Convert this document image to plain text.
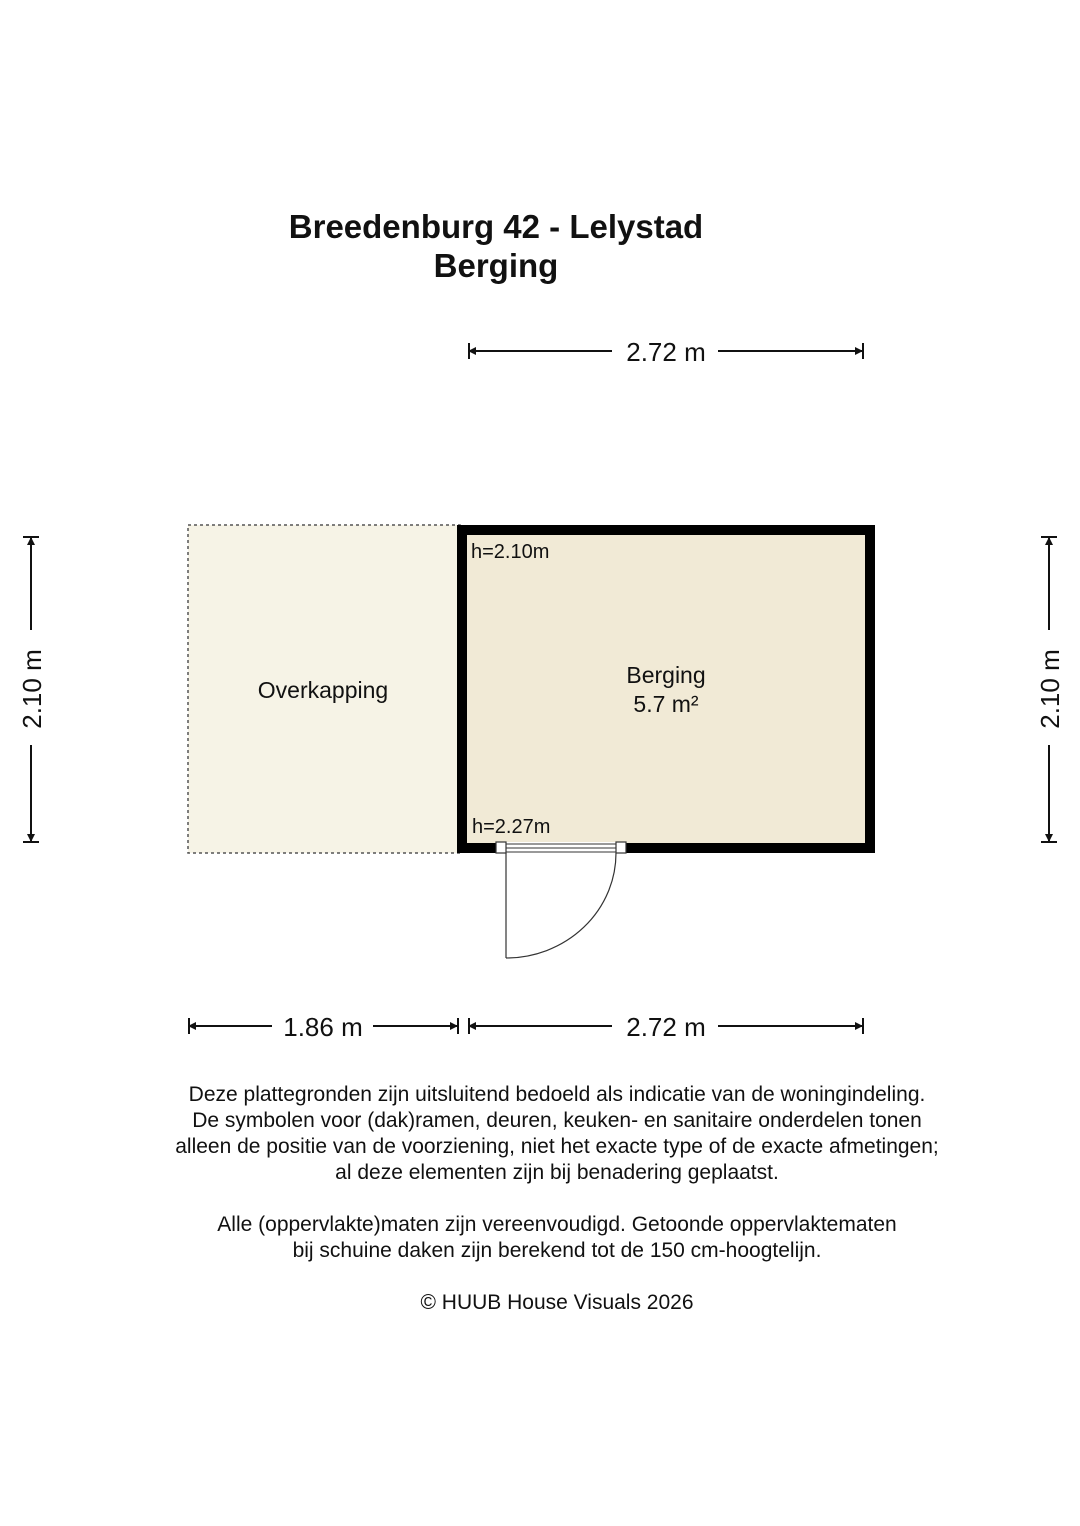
Breedenburg 42 - Lelystad
Berging
2.72 m
2.10 m	2.10 m
Overkapping
Berging
5.7 m²
h=2.10m
h=2.27m
1.86 m	2.72 m

Deze plattegronden zijn uitsluitend bedoeld als indicatie van de woningindeling.

De symbolen voor (dak)ramen, deuren, keuken- en sanitaire onderdelen tonen

alleen de positie van de voorziening, niet het exacte type of de exacte afmetingen;

al deze elementen zijn bij benadering geplaatst.

Alle (oppervlakte)maten zijn vereenvoudigd. Getoonde oppervlaktematen

bij schuine daken zijn berekend tot de 150 cm-hoogtelijn.

© HUUB House Visuals 2026
